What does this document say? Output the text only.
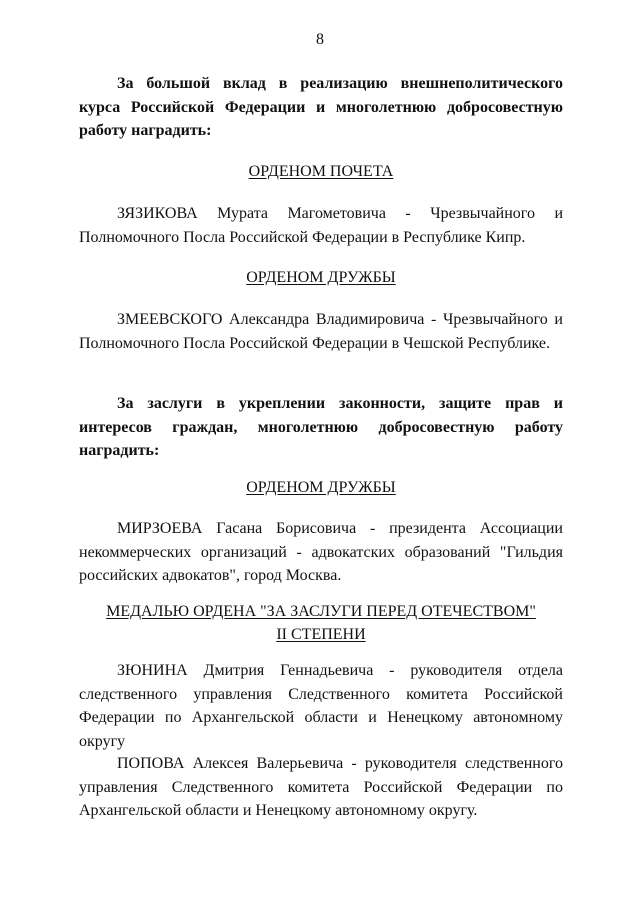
8

За большой вклад в реализацию внешнеполитического курса Российской Федерации и многолетнюю добросовестную работу наградить:

ОРДЕНОМ ПОЧЕТА

ЗЯЗИКОВА Мурата Магометовича - Чрезвычайного и Полномочного Посла Российской Федерации в Республике Кипр.

ОРДЕНОМ ДРУЖБЫ

ЗМЕЕВСКОГО Александра Владимировича - Чрезвычайного и Полномочного Посла Российской Федерации в Чешской Республике.

За заслуги в укреплении законности, защите прав и интересов граждан, многолетнюю добросовестную работу наградить:

ОРДЕНОМ ДРУЖБЫ

МИРЗОЕВА Гасана Борисовича - президента Ассоциации некоммерческих организаций - адвокатских образований "Гильдия российских адвокатов", город Москва.

МЕДАЛЬЮ ОРДЕНА "ЗА ЗАСЛУГИ ПЕРЕД ОТЕЧЕСТВОМ"

II СТЕПЕНИ

ЗЮНИНА Дмитрия Геннадьевича - руководителя отдела следственного управления Следственного комитета Российской Федерации по Архангельской области и Ненецкому автономному округу

ПОПОВА Алексея Валерьевича - руководителя следственного управления Следственного комитета Российской Федерации по Архангельской области и Ненецкому автономному округу.
